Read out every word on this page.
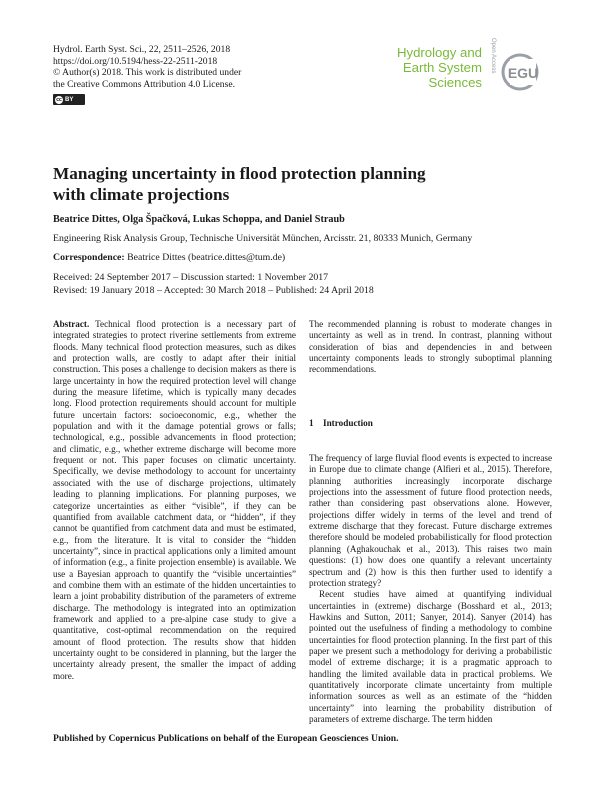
Hydrol. Earth Syst. Sci., 22, 2511–2526, 2018
https://doi.org/10.5194/hess-22-2511-2018
© Author(s) 2018. This work is distributed under
the Creative Commons Attribution 4.0 License.
cc BY
Hydrology and
Earth System
Sciences
Open Access EGU
Managing uncertainty in flood protection planning
with climate projections
Beatrice Dittes, Olga Špačková, Lukas Schoppa, and Daniel Straub
Engineering Risk Analysis Group, Technische Universität München, Arcisstr. 21, 80333 Munich, Germany
Correspondence: Beatrice Dittes (beatrice.dittes@tum.de)
Received: 24 September 2017 – Discussion started: 1 November 2017
Revised: 19 January 2018 – Accepted: 30 March 2018 – Published: 24 April 2018

Abstract. Technical flood protection is a necessary part of integrated strategies to protect riverine settlements from extreme floods. Many technical flood protection measures, such as dikes and protection walls, are costly to adapt after their initial construction. This poses a challenge to decision makers as there is large uncertainty in how the required protection level will change during the measure lifetime, which is typically many decades long. Flood protection requirements should account for multiple future uncertain factors: socioeconomic, e.g., whether the population and with it the damage potential grows or falls; technological, e.g., possible advancements in flood protection; and climatic, e.g., whether extreme discharge will become more frequent or not. This paper focuses on climatic uncertainty. Specifically, we devise methodology to account for uncertainty associated with the use of discharge projections, ultimately leading to planning implications. For planning purposes, we categorize uncertainties as either “visible”, if they can be quantified from available catchment data, or “hidden”, if they cannot be quantified from catchment data and must be estimated, e.g., from the literature. It is vital to consider the “hidden uncertainty”, since in practical applications only a limited amount of information (e.g., a finite projection ensemble) is available. We use a Bayesian approach to quantify the “visible uncertainties” and combine them with an estimate of the hidden uncertainties to learn a joint probability distribution of the parameters of extreme discharge. The methodology is integrated into an optimization framework and applied to a pre-alpine case study to give a quantitative, cost-optimal recommendation on the required amount of flood protection. The results show that hidden uncertainty ought to be considered in planning, but the larger the uncertainty already present, the smaller the impact of adding more.

The recommended planning is robust to moderate changes in uncertainty as well as in trend. In contrast, planning without consideration of bias and dependencies in and between uncertainty components leads to strongly suboptimal planning recommendations.

1 Introduction

The frequency of large fluvial flood events is expected to increase in Europe due to climate change (Alfieri et al., 2015). Therefore, planning authorities increasingly incorporate discharge projections into the assessment of future flood protection needs, rather than considering past observations alone. However, projections differ widely in terms of the level and trend of extreme discharge that they forecast. Future discharge extremes therefore should be modeled probabilistically for flood protection planning (Aghakouchak et al., 2013). This raises two main questions: (1) how does one quantify a relevant uncertainty spectrum and (2) how is this then further used to identify a protection strategy?

Recent studies have aimed at quantifying individual uncertainties in (extreme) discharge (Bosshard et al., 2013; Hawkins and Sutton, 2011; Sanyer, 2014). Sanyer (2014) has pointed out the usefulness of finding a methodology to combine uncertainties for flood protection planning. In the first part of this paper we present such a methodology for deriving a probabilistic model of extreme discharge; it is a pragmatic approach to handling the limited available data in practical problems. We quantitatively incorporate climate uncertainty from multiple information sources as well as an estimate of the “hidden uncertainty” into learning the probability distribution of parameters of extreme discharge. The term hidden

Published by Copernicus Publications on behalf of the European Geosciences Union.
